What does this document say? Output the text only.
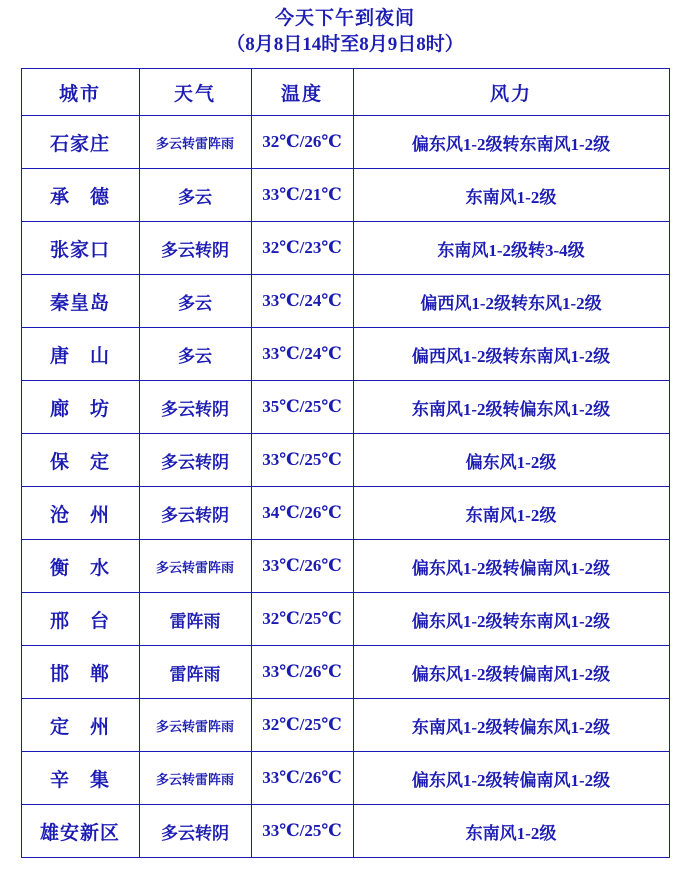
今天下午到夜间
（8月8日14时至8月9日8时）
城市	天气	温度	风力
石家庄	多云转雷阵雨	32℃/26℃	偏东风1-2级转东南风1-2级
承　德	多云	33℃/21℃	东南风1-2级
张家口	多云转阴	32℃/23℃	东南风1-2级转3-4级
秦皇岛	多云	33℃/24℃	偏西风1-2级转东风1-2级
唐　山	多云	33℃/24℃	偏西风1-2级转东南风1-2级
廊　坊	多云转阴	35℃/25℃	东南风1-2级转偏东风1-2级
保　定	多云转阴	33℃/25℃	偏东风1-2级
沧　州	多云转阴	34℃/26℃	东南风1-2级
衡　水	多云转雷阵雨	33℃/26℃	偏东风1-2级转偏南风1-2级
邢　台	雷阵雨	32℃/25℃	偏东风1-2级转东南风1-2级
邯　郸	雷阵雨	33℃/26℃	偏东风1-2级转偏南风1-2级
定　州	多云转雷阵雨	32℃/25℃	东南风1-2级转偏东风1-2级
辛　集	多云转雷阵雨	33℃/26℃	偏东风1-2级转偏南风1-2级
雄安新区	多云转阴	33℃/25℃	东南风1-2级
